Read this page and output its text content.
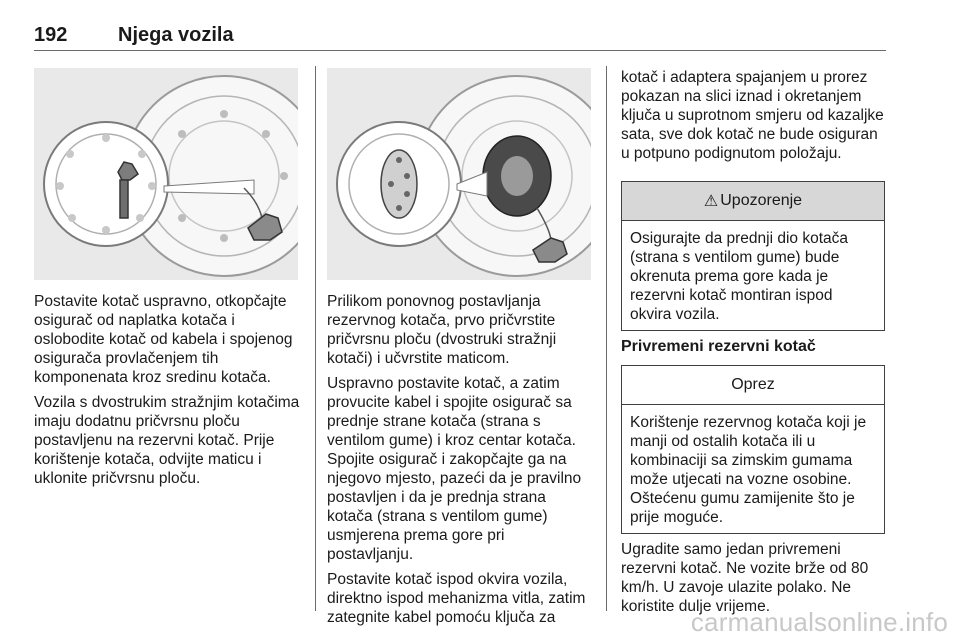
192	Njega vozila

Postavite kotač uspravno, otkopčajte osigurač od naplatka kotača i oslobodite kotač od kabela i spojenog osigurača provlačenjem tih komponenata kroz sredinu kotača.

Vozila s dvostrukim stražnjim kotačima imaju dodatnu pričvrsnu ploču postavljenu na rezervni kotač. Prije korištenje kotača, odvijte maticu i uklonite pričvrsnu ploču.

Prilikom ponovnog postavljanja rezervnog kotača, prvo pričvrstite pričvrsnu ploču (dvostruki stražnji kotači) i učvrstite maticom.

Uspravno postavite kotač, a zatim provucite kabel i spojite osigurač sa prednje strane kotača (strana s ventilom gume) i kroz centar kotača. Spojite osigurač i zakopčajte ga na njegovo mjesto, pazeći da je pravilno postavljen i da je prednja strana kotača (strana s ventilom gume) usmjerena prema gore pri postavljanju.

Postavite kotač ispod okvira vozila, direktno ispod mehanizma vitla, zatim zategnite kabel pomoću ključa za

kotač i adaptera spajanjem u prorez pokazan na slici iznad i okretanjem ključa u suprotnom smjeru od kazaljke sata, sve dok kotač ne bude osiguran u potpuno podignutom položaju.

⚠ Upozorenje

Osigurajte da prednji dio kotača (strana s ventilom gume) bude okrenuta prema gore kada je rezervni kotač montiran ispod okvira vozila.

Privremeni rezervni kotač
Oprez

Korištenje rezervnog kotača koji je manji od ostalih kotača ili u kombinaciji sa zimskim gumama može utjecati na vozne osobine. Oštećenu gumu zamijenite što je prije moguće.

Ugradite samo jedan privremeni rezervni kotač. Ne vozite brže od 80 km/h. U zavoje ulazite polako. Ne koristite dulje vrijeme.

carmanualsonline.info
